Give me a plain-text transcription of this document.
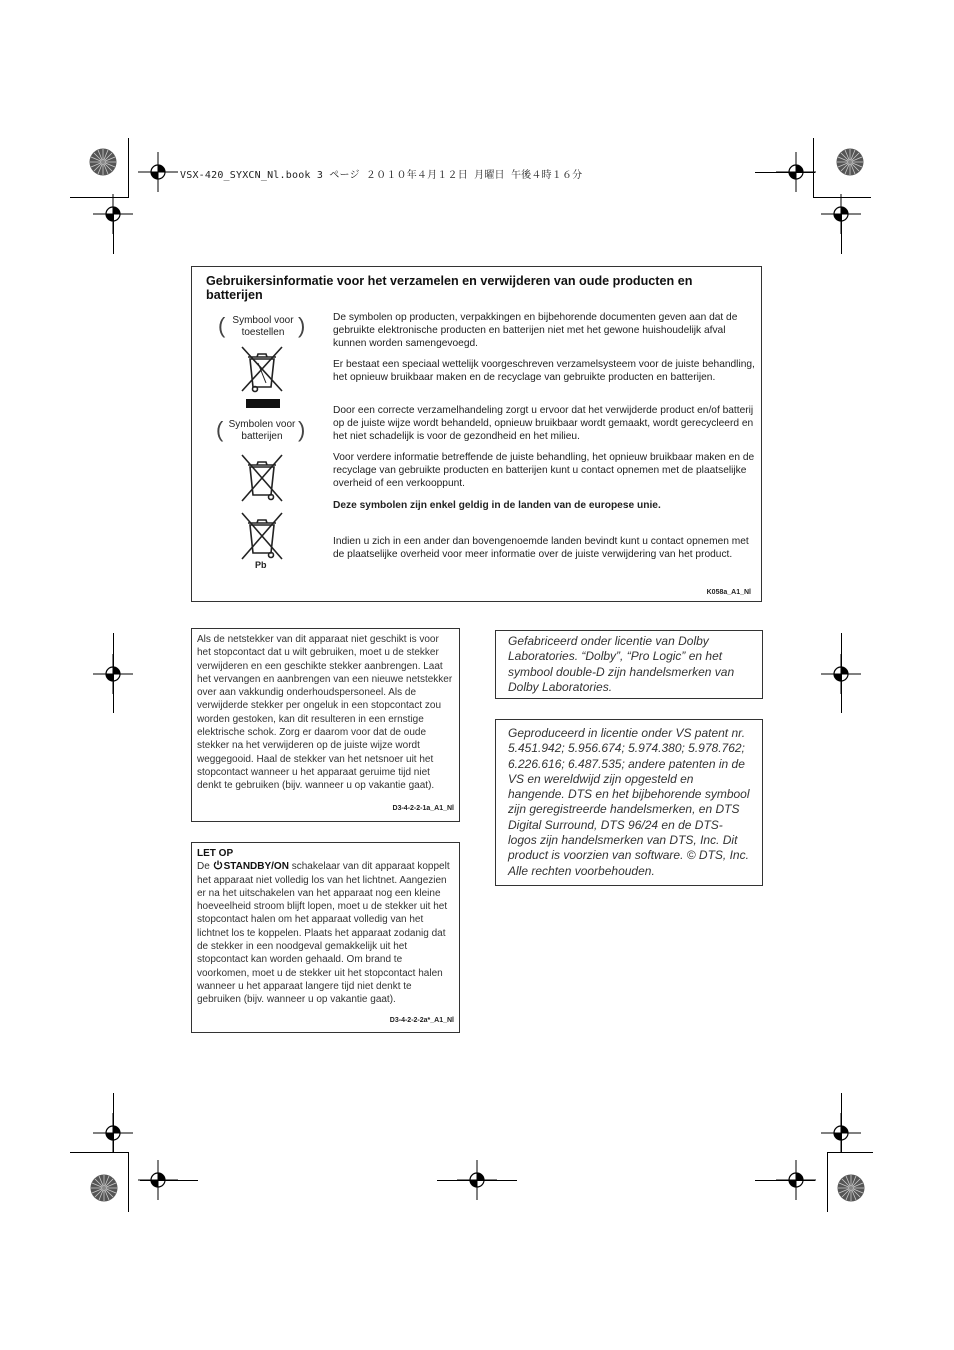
VSX-420_SYXCN_Nl.book 3 ページ ２０１０年４月１２日 月曜日 午後４時１６分
Gebruikersinformatie voor het verzamelen en verwijderen van oude producten en batterijen
( Symbool voor toestellen )
( Symbolen voor batterijen )
Pb

De symbolen op producten, verpakkingen en bijbehorende documenten geven aan dat de gebruikte elektronische producten en batterijen niet met het gewone huishoudelijk afval kunnen worden samengevoegd.

Er bestaat een speciaal wettelijk voorgeschreven verzamelsysteem voor de juiste behandling, het opnieuw bruikbaar maken en de recyclage van gebruikte producten en batterijen.

Door een correcte verzamelhandeling zorgt u ervoor dat het verwijderde product en/of batterij op de juiste wijze wordt behandeld, opnieuw bruikbaar wordt gemaakt, wordt gerecycleerd en het niet schadelijk is voor de gezondheid en het milieu.

Voor verdere informatie betreffende de juiste behandling, het opnieuw bruikbaar maken en de recyclage van gebruikte producten en batterijen kunt u contact opnemen met de plaatselijke overheid of een verkooppunt.

Deze symbolen zijn enkel geldig in de landen van de europese unie.

Indien u zich in een ander dan bovengenoemde landen bevindt kunt u contact opnemen met de plaatselijke overheid voor meer informatie over de juiste verwijdering van het product.

K058a_A1_Nl

Als de netstekker van dit apparaat niet geschikt is voor het stopcontact dat u wilt gebruiken, moet u de stekker verwijderen en een geschikte stekker aanbrengen. Laat het vervangen en aanbrengen van een nieuwe netstekker over aan vakkundig onderhoudspersoneel. Als de verwijderde stekker per ongeluk in een stopcontact zou worden gestoken, kan dit resulteren in een ernstige elektrische schok. Zorg er daarom voor dat de oude stekker na het verwijderen op de juiste wijze wordt weggegooid. Haal de stekker van het netsnoer uit het stopcontact wanneer u het apparaat geruime tijd niet denkt te gebruiken (bijv. wanneer u op vakantie gaat).

D3-4-2-2-1a_A1_Nl

LET OP

De STANDBY/ON schakelaar van dit apparaat koppelt het apparaat niet volledig los van het lichtnet. Aangezien er na het uitschakelen van het apparaat nog een kleine hoeveelheid stroom blijft lopen, moet u de stekker uit het stopcontact halen om het apparaat volledig van het lichtnet los te koppelen. Plaats het apparaat zodanig dat de stekker in een noodgeval gemakkelijk uit het stopcontact kan worden gehaald. Om brand te voorkomen, moet u de stekker uit het stopcontact halen wanneer u het apparaat langere tijd niet denkt te gebruiken (bijv. wanneer u op vakantie gaat).

D3-4-2-2-2a*_A1_Nl

Gefabriceerd onder licentie van Dolby Laboratories. “Dolby”, “Pro Logic” en het symbool double-D zijn handelsmerken van Dolby Laboratories.

Geproduceerd in licentie onder VS patent nr. 5.451.942; 5.956.674; 5.974.380; 5.978.762; 6.226.616; 6.487.535; andere patenten in de VS en wereldwijd zijn opgesteld en hangende. DTS en het bijbehorende symbool zijn geregistreerde handelsmerken, en DTS Digital Surround, DTS 96/24 en de DTS-logos zijn handelsmerken van DTS, Inc. Dit product is voorzien van software. © DTS, Inc. Alle rechten voorbehouden.
